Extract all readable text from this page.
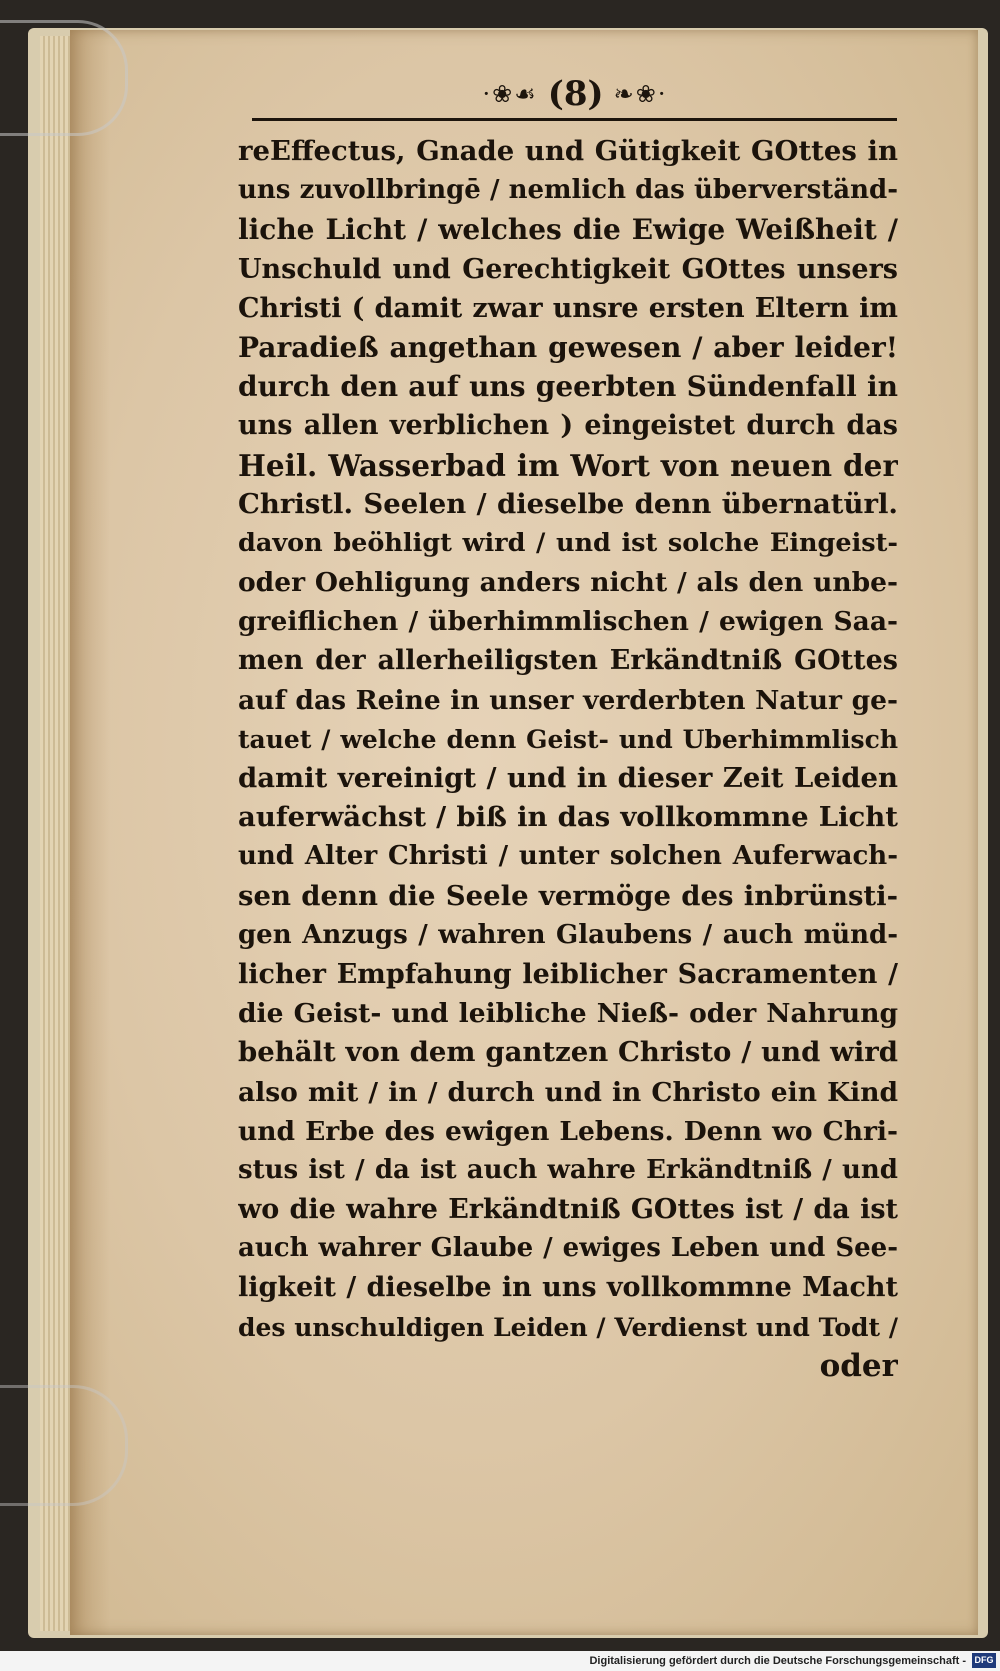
·❀☙ (8) ❧❀·
reEffectus, Gnade und Gütigkeit GOttes in
uns zuvollbringē / nemlich das überverständ-
liche Licht / welches die Ewige Weißheit /
Unschuld und Gerechtigkeit GOttes unsers
Christi ( damit zwar unsre ersten Eltern im
Paradieß angethan gewesen / aber leider!
durch den auf uns geerbten Sündenfall in
uns allen verblichen ) eingeistet durch das
Heil. Wasserbad im Wort von neuen der
Christl. Seelen / dieselbe denn übernatürl.
davon beöhligt wird / und ist solche Eingeist-
oder Oehligung anders nicht / als den unbe-
greiflichen / überhimmlischen / ewigen Saa-
men der allerheiligsten Erkändtniß GOttes
auf das Reine in unser verderbten Natur ge-
tauet / welche denn Geist- und Uberhimmlisch
damit vereinigt / und in dieser Zeit Leiden
auferwächst / biß in das vollkommne Licht
und Alter Christi / unter solchen Auferwach-
sen denn die Seele vermöge des inbrünsti-
gen Anzugs / wahren Glaubens / auch münd-
licher Empfahung leiblicher Sacramenten /
die Geist- und leibliche Nieß- oder Nahrung
behält von dem gantzen Christo / und wird
also mit / in / durch und in Christo ein Kind
und Erbe des ewigen Lebens. Denn wo Chri-
stus ist / da ist auch wahre Erkändtniß / und
wo die wahre Erkändtniß GOttes ist / da ist
auch wahrer Glaube / ewiges Leben und See-
ligkeit / dieselbe in uns vollkommne Macht
des unschuldigen Leiden / Verdienst und Todt /
oder
Digitalisierung gefördert durch die Deutsche Forschungsgemeinschaft - DFG
